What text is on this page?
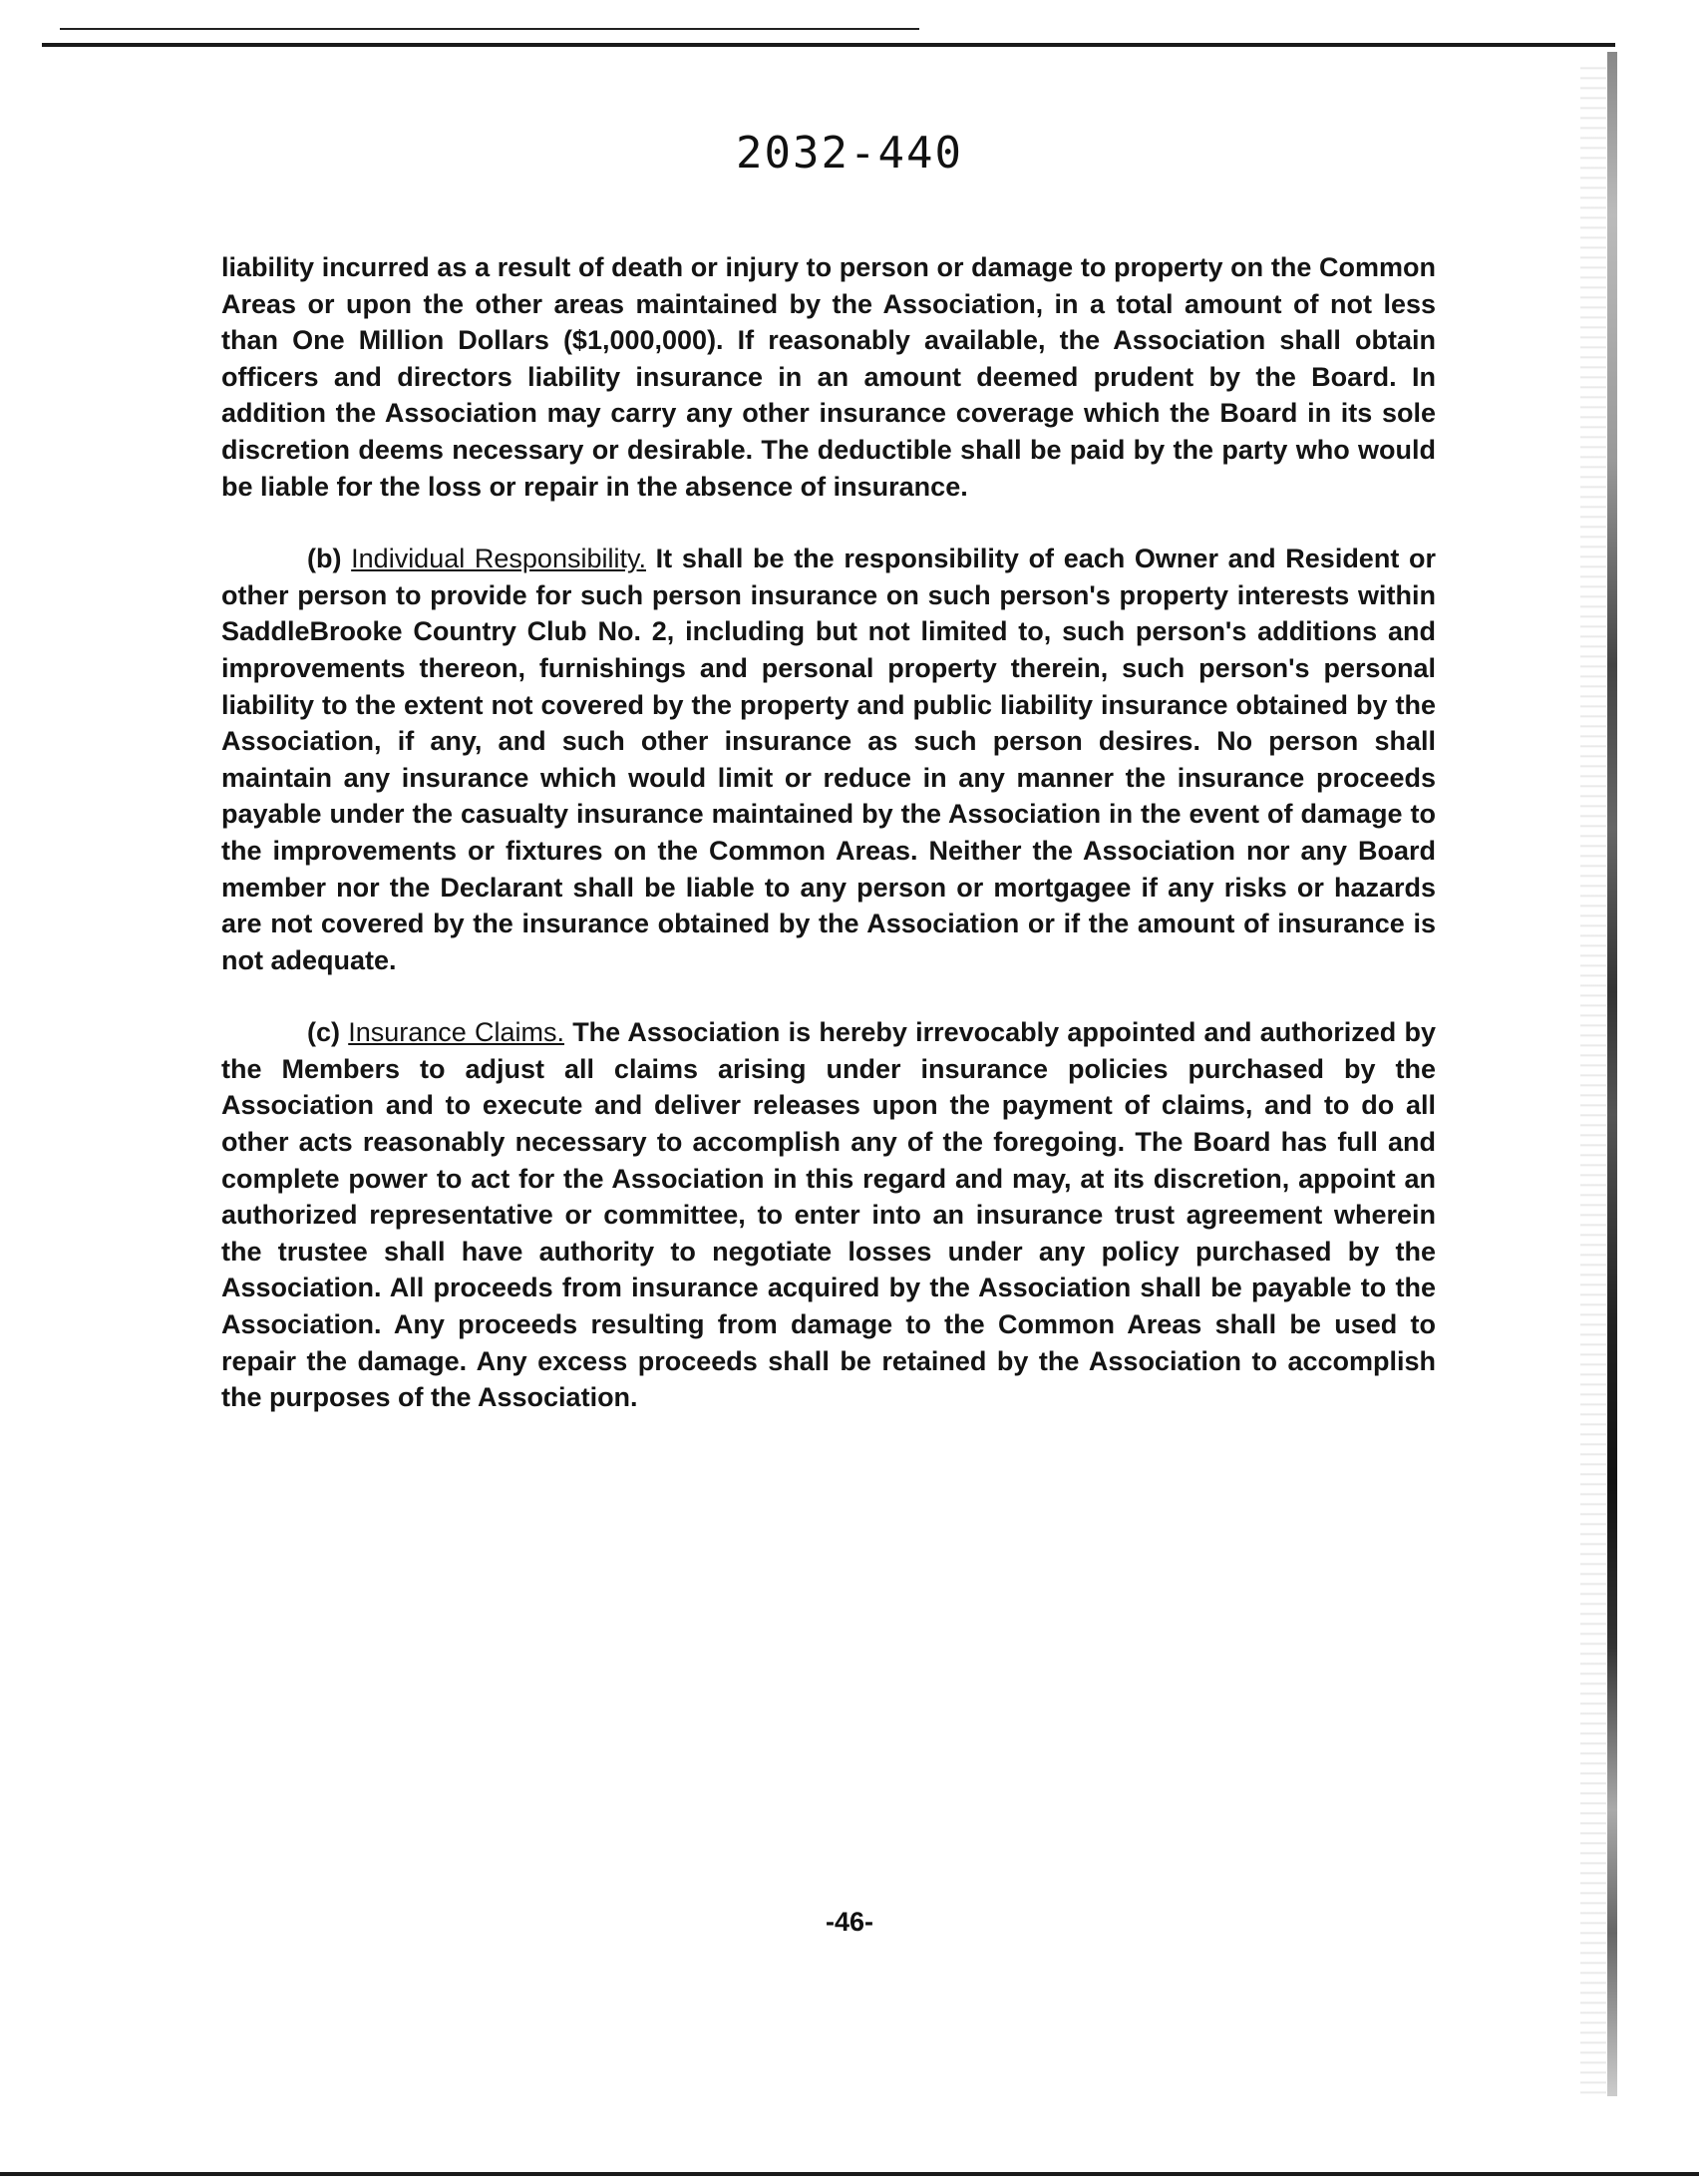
2032-440

liability incurred as a result of death or injury to person or damage to property on the Common Areas or upon the other areas maintained by the Association, in a total amount of not less than One Million Dollars ($1,000,000). If reasonably available, the Association shall obtain officers and directors liability insurance in an amount deemed prudent by the Board. In addition the Association may carry any other insurance coverage which the Board in its sole discretion deems necessary or desirable. The deductible shall be paid by the party who would be liable for the loss or repair in the absence of insurance.

(b) Individual Responsibility. It shall be the responsibility of each Owner and Resident or other person to provide for such person insurance on such person's property interests within SaddleBrooke Country Club No. 2, including but not limited to, such person's additions and improvements thereon, furnishings and personal property therein, such person's personal liability to the extent not covered by the property and public liability insurance obtained by the Association, if any, and such other insurance as such person desires. No person shall maintain any insurance which would limit or reduce in any manner the insurance proceeds payable under the casualty insurance maintained by the Association in the event of damage to the improvements or fixtures on the Common Areas. Neither the Association nor any Board member nor the Declarant shall be liable to any person or mortgagee if any risks or hazards are not covered by the insurance obtained by the Association or if the amount of insurance is not adequate.

(c) Insurance Claims. The Association is hereby irrevocably appointed and authorized by the Members to adjust all claims arising under insurance policies purchased by the Association and to execute and deliver releases upon the payment of claims, and to do all other acts reasonably necessary to accomplish any of the foregoing. The Board has full and complete power to act for the Association in this regard and may, at its discretion, appoint an authorized representative or committee, to enter into an insurance trust agreement wherein the trustee shall have authority to negotiate losses under any policy purchased by the Association. All proceeds from insurance acquired by the Association shall be payable to the Association. Any proceeds resulting from damage to the Common Areas shall be used to repair the damage. Any excess proceeds shall be retained by the Association to accomplish the purposes of the Association.

-46-
